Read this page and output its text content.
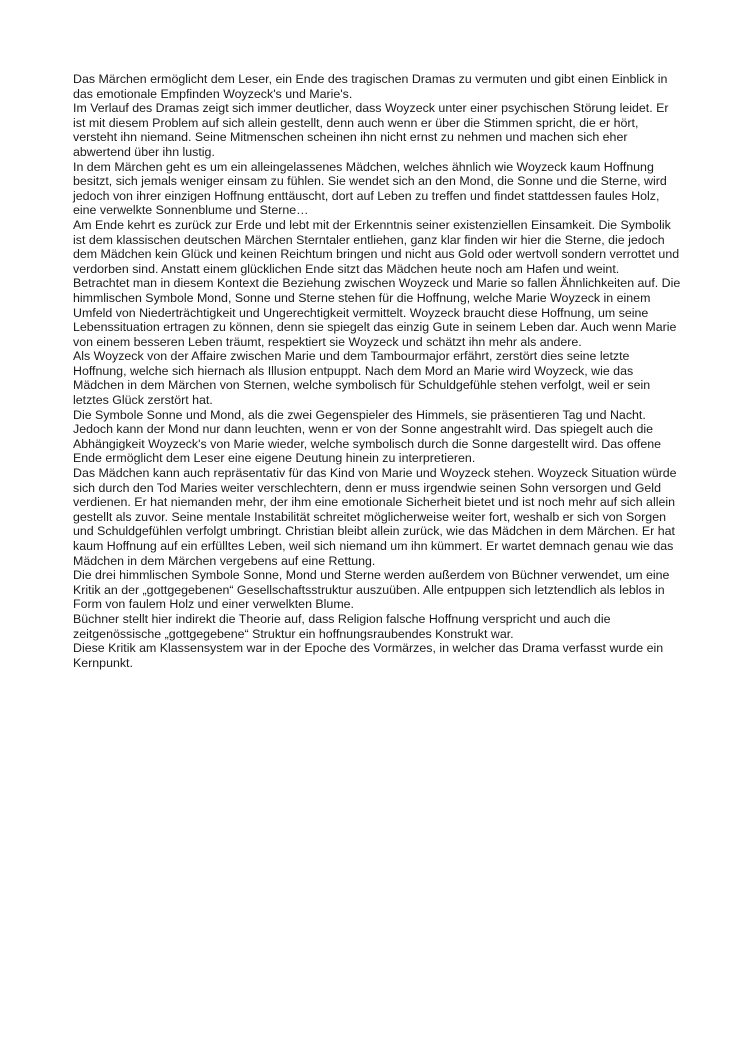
Das Märchen ermöglicht dem Leser, ein Ende des tragischen Dramas zu vermuten und gibt einen Einblick in das emotionale Empfinden Woyzeck's und Marie's.

Im Verlauf des Dramas zeigt sich immer deutlicher, dass Woyzeck unter einer psychischen Störung leidet. Er ist mit diesem Problem auf sich allein gestellt, denn auch wenn er über die Stimmen spricht, die er hört, versteht ihn niemand. Seine Mitmenschen scheinen ihn nicht ernst zu nehmen und machen sich eher abwertend über ihn lustig.

In dem Märchen geht es um ein alleingelassenes Mädchen, welches ähnlich wie Woyzeck kaum Hoffnung besitzt, sich jemals weniger einsam zu fühlen. Sie wendet sich an den Mond, die Sonne und die Sterne, wird jedoch von ihrer einzigen Hoffnung enttäuscht, dort auf Leben zu treffen und findet stattdessen faules Holz, eine verwelkte Sonnenblume und Sterne…

Am Ende kehrt es zurück zur Erde und lebt mit der Erkenntnis seiner existenziellen Einsamkeit. Die Symbolik ist dem klassischen deutschen Märchen Sterntaler entliehen, ganz klar finden wir hier die Sterne, die jedoch dem Mädchen kein Glück und keinen Reichtum bringen und nicht aus Gold oder wertvoll sondern verrottet und verdorben sind. Anstatt einem glücklichen Ende sitzt das Mädchen heute noch am Hafen und weint.

Betrachtet man in diesem Kontext die Beziehung zwischen Woyzeck und Marie so fallen Ähnlichkeiten auf. Die himmlischen Symbole Mond, Sonne und Sterne stehen für die Hoffnung, welche Marie Woyzeck in einem Umfeld von Niederträchtigkeit und Ungerechtigkeit vermittelt. Woyzeck braucht diese Hoffnung, um seine Lebenssituation ertragen zu können, denn sie spiegelt das einzig Gute in seinem Leben dar. Auch wenn Marie von einem besseren Leben träumt, respektiert sie Woyzeck und schätzt ihn mehr als andere.

Als Woyzeck von der Affaire zwischen Marie und dem Tambourmajor erfährt, zerstört dies seine letzte Hoffnung, welche sich hiernach als Illusion entpuppt. Nach dem Mord an Marie wird Woyzeck, wie das Mädchen in dem Märchen von Sternen, welche symbolisch für Schuldgefühle stehen verfolgt, weil er sein letztes Glück zerstört hat.

Die Symbole Sonne und Mond, als die zwei Gegenspieler des Himmels, sie präsentieren Tag und Nacht. Jedoch kann der Mond nur dann leuchten, wenn er von der Sonne angestrahlt wird. Das spiegelt auch die Abhängigkeit Woyzeck's von Marie wieder, welche symbolisch durch die Sonne dargestellt wird. Das offene Ende ermöglicht dem Leser eine eigene Deutung hinein zu interpretieren.

Das Mädchen kann auch repräsentativ für das Kind von Marie und Woyzeck stehen. Woyzeck Situation würde sich durch den Tod Maries weiter verschlechtern, denn er muss irgendwie seinen Sohn versorgen und Geld verdienen. Er hat niemanden mehr, der ihm eine emotionale Sicherheit bietet und ist noch mehr auf sich allein gestellt als zuvor. Seine mentale Instabilität schreitet möglicherweise weiter fort, weshalb er sich von Sorgen und Schuldgefühlen verfolgt umbringt. Christian bleibt allein zurück, wie das Mädchen in dem Märchen. Er hat kaum Hoffnung auf ein erfülltes Leben, weil sich niemand um ihn kümmert. Er wartet demnach genau wie das Mädchen in dem Märchen vergebens auf eine Rettung.

Die drei himmlischen Symbole Sonne, Mond und Sterne werden außerdem von Büchner verwendet, um eine Kritik an der „gottgegebenen“ Gesellschaftsstruktur auszuüben. Alle entpuppen sich letztendlich als leblos in Form von faulem Holz und einer verwelkten Blume.

Büchner stellt hier indirekt die Theorie auf, dass Religion falsche Hoffnung verspricht und auch die zeitgenössische „gottgegebene“ Struktur ein hoffnungsraubendes Konstrukt war.

Diese Kritik am Klassensystem war in der Epoche des Vormärzes, in welcher das Drama verfasst wurde ein Kernpunkt.
